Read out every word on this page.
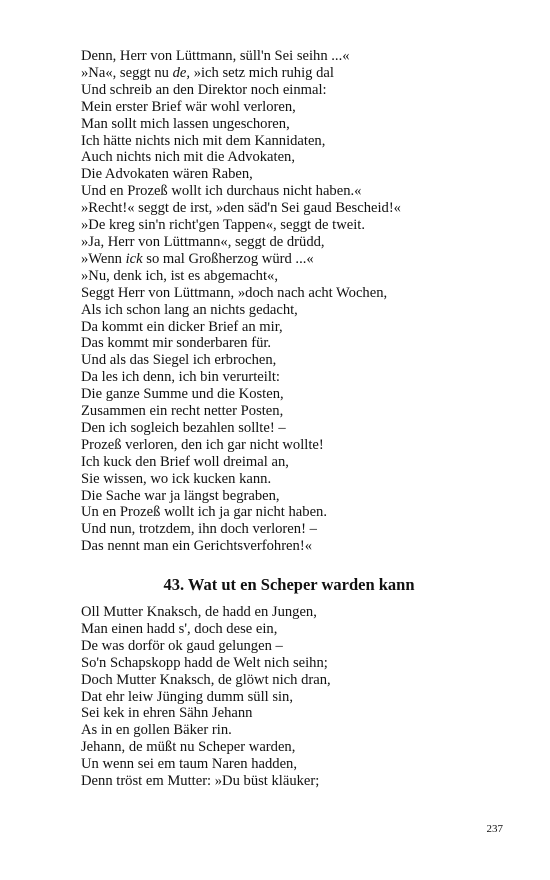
Denn, Herr von Lüttmann, süll'n Sei seihn ...«
»Na«, seggt nu de, »ich setz mich ruhig dal
Und schreib an den Direktor noch einmal:
Mein erster Brief wär wohl verloren,
Man sollt mich lassen ungeschoren,
Ich hätte nichts nich mit dem Kannidaten,
Auch nichts nich mit die Advokaten,
Die Advokaten wären Raben,
Und en Prozeß wollt ich durchaus nicht haben.«
»Recht!« seggt de irst, »den säd'n Sei gaud Bescheid!«
»De kreg sin'n richt'gen Tappen«, seggt de tweit.
»Ja, Herr von Lüttmann«, seggt de drüdd,
»Wenn ick so mal Großherzog würd ...«
»Nu, denk ich, ist es abgemacht«,
Seggt Herr von Lüttmann, »doch nach acht Wochen,
Als ich schon lang an nichts gedacht,
Da kommt ein dicker Brief an mir,
Das kommt mir sonderbaren für.
Und als das Siegel ich erbrochen,
Da les ich denn, ich bin verurteilt:
Die ganze Summe und die Kosten,
Zusammen ein recht netter Posten,
Den ich sogleich bezahlen sollte! –
Prozeß verloren, den ich gar nicht wollte!
Ich kuck den Brief woll dreimal an,
Sie wissen, wo ick kucken kann.
Die Sache war ja längst begraben,
Un en Prozeß wollt ich ja gar nicht haben.
Und nun, trotzdem, ihn doch verloren! –
Das nennt man ein Gerichtsverfohren!«
43. Wat ut en Scheper warden kann
Oll Mutter Knaksch, de hadd en Jungen,
Man einen hadd s', doch dese ein,
De was dorför ok gaud gelungen –
So'n Schapskopp hadd de Welt nich seihn;
Doch Mutter Knaksch, de glöwt nich dran,
Dat ehr leiw Jünging dumm süll sin,
Sei kek in ehren Sähn Jehann
As in en gollen Bäker rin.
Jehann, de müßt nu Scheper warden,
Un wenn sei em taum Naren hadden,
Denn tröst em Mutter: »Du büst kläuker;
237
